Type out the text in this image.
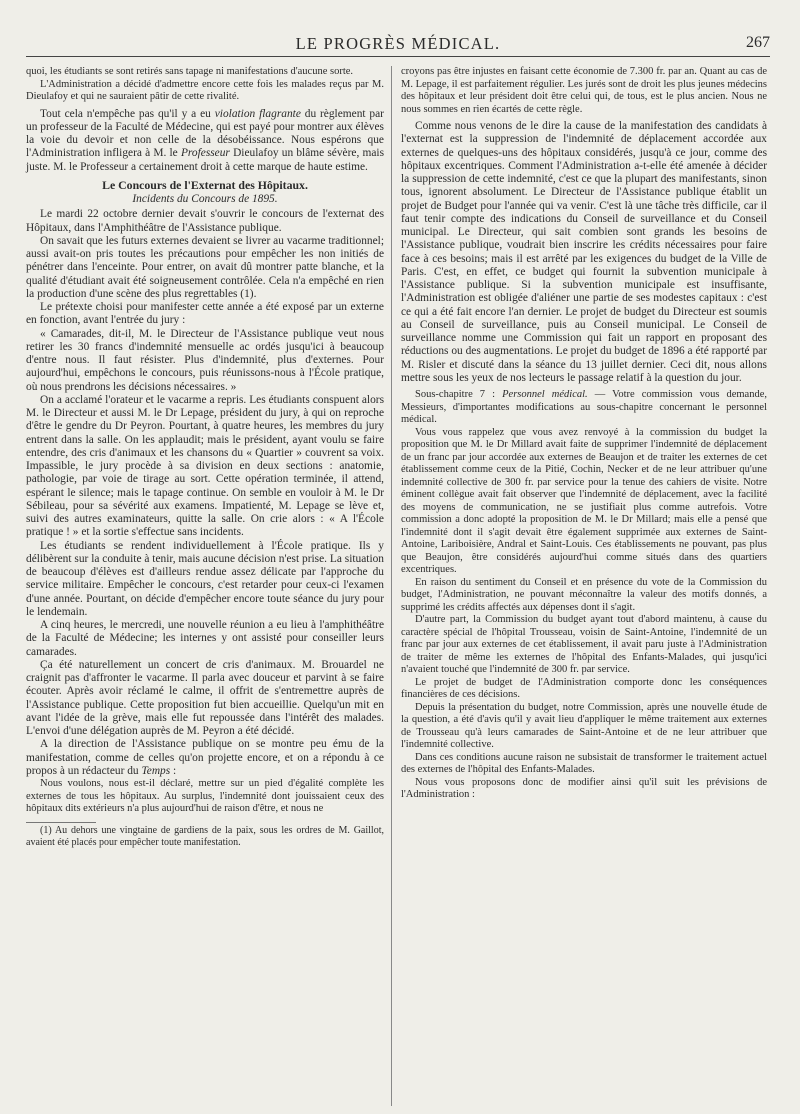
LE PROGRÈS MÉDICAL.	267

quoi, les étudiants se sont retirés sans tapage ni manifestations d'aucune sorte.

L'Administration a décidé d'admettre encore cette fois les malades reçus par M. Dieulafoy et qui ne sauraient pâtir de cette rivalité.

Tout cela n'empêche pas qu'il y a eu violation flagrante du règlement par un professeur de la Faculté de Médecine, qui est payé pour montrer aux élèves la voie du devoir et non celle de la désobéissance. Nous espérons que l'Administration infligera à M. le Professeur Dieulafoy un blâme sévère, mais juste. M. le Professeur a certainement droit à cette marque de haute estime.

Le Concours de l'Externat des Hôpitaux.
Incidents du Concours de 1895.

Le mardi 22 octobre dernier devait s'ouvrir le concours de l'externat des Hôpitaux, dans l'Amphithéâtre de l'Assistance publique.

On savait que les futurs externes devaient se livrer au vacarme traditionnel; aussi avait-on pris toutes les précautions pour empêcher les non initiés de pénétrer dans l'enceinte. Pour entrer, on avait dû montrer patte blanche, et la qualité d'étudiant avait été soigneusement contrôlée. Cela n'a empêché en rien la production d'une scène des plus regrettables (1).

Le prétexte choisi pour manifester cette année a été exposé par un externe en fonction, avant l'entrée du jury :

« Camarades, dit-il, M. le Directeur de l'Assistance publique veut nous retirer les 30 francs d'indemnité mensuelle ac ordés jusqu'ici à beaucoup d'entre nous. Il faut résister. Plus d'indemnité, plus d'externes. Pour aujourd'hui, empêchons le concours, puis réunissons-nous à l'École pratique, où nous prendrons les décisions nécessaires. »

On a acclamé l'orateur et le vacarme a repris. Les étudiants conspuent alors M. le Directeur et aussi M. le Dr Lepage, président du jury, à qui on reproche d'être le gendre du Dr Peyron. Pourtant, à quatre heures, les membres du jury entrent dans la salle. On les applaudit; mais le président, ayant voulu se faire entendre, des cris d'animaux et les chansons du « Quartier » couvrent sa voix. Impassible, le jury procède à sa division en deux sections : anatomie, pathologie, par voie de tirage au sort. Cette opération terminée, il attend, espérant le silence; mais le tapage continue. On semble en vouloir à M. le Dr Sébileau, pour sa sévérité aux examens. Impatienté, M. Lepage se lève et, suivi des autres examinateurs, quitte la salle. On crie alors : « A l'École pratique ! » et la sortie s'effectue sans incidents.

Les étudiants se rendent individuellement à l'École pratique. Ils y délibèrent sur la conduite à tenir, mais aucune décision n'est prise. La situation de beaucoup d'élèves est d'ailleurs rendue assez délicate par l'approche du service militaire. Empêcher le concours, c'est retarder pour ceux-ci l'examen d'une année. Pourtant, on décide d'empêcher encore toute séance du jury pour le lendemain.

A cinq heures, le mercredi, une nouvelle réunion a eu lieu à l'amphithéâtre de la Faculté de Médecine; les internes y ont assisté pour conseiller leurs camarades.

Ça été naturellement un concert de cris d'animaux. M. Brouardel ne craignit pas d'affronter le vacarme. Il parla avec douceur et parvint à se faire écouter. Après avoir réclamé le calme, il offrit de s'entremettre auprès de l'Assistance publique. Cette proposition fut bien accueillie. Quelqu'un mit en avant l'idée de la grève, mais elle fut repoussée dans l'intérêt des malades. L'envoi d'une délégation auprès de M. Peyron a été décidé.

A la direction de l'Assistance publique on se montre peu ému de la manifestation, comme de celles qu'on projette encore, et on a répondu à ce propos à un rédacteur du Temps :

Nous voulons, nous est-il déclaré, mettre sur un pied d'égalité complète les externes de tous les hôpitaux. Au surplus, l'indemnité dont jouissaient ceux des hôpitaux dits extérieurs n'a plus aujourd'hui de raison d'être, et nous ne

(1) Au dehors une vingtaine de gardiens de la paix, sous les ordres de M. Gaillot, avaient été placés pour empêcher toute manifestation.

croyons pas être injustes en faisant cette économie de 7.300 fr. par an. Quant au cas de M. Lepage, il est parfaitement régulier. Les jurés sont de droit les plus jeunes médecins des hôpitaux et leur président doit être celui qui, de tous, est le plus ancien. Nous ne nous sommes en rien écartés de cette règle.

Comme nous venons de le dire la cause de la manifestation des candidats à l'externat est la suppression de l'indemnité de déplacement accordée aux externes de quelques-uns des hôpitaux considérés, jusqu'à ce jour, comme des hôpitaux excentriques. Comment l'Administration a-t-elle été amenée à décider la suppression de cette indemnité, c'est ce que la plupart des manifestants, sinon tous, ignorent absolument. Le Directeur de l'Assistance publique établit un projet de Budget pour l'année qui va venir. C'est là une tâche très difficile, car il faut tenir compte des indications du Conseil de surveillance et du Conseil municipal. Le Directeur, qui sait combien sont grands les besoins de l'Assistance publique, voudrait bien inscrire les crédits nécessaires pour faire face à ces besoins; mais il est arrêté par les exigences du budget de la Ville de Paris. C'est, en effet, ce budget qui fournit la subvention municipale à l'Assistance publique. Si la subvention municipale est insuffisante, l'Administration est obligée d'aliéner une partie de ses modestes capitaux : c'est ce qui a été fait encore l'an dernier. Le projet de budget du Directeur est soumis au Conseil de surveillance, puis au Conseil municipal. Le Conseil de surveillance nomme une Commission qui fait un rapport en proposant des réductions ou des augmentations. Le projet du budget de 1896 a été rapporté par M. Risler et discuté dans la séance du 13 juillet dernier. Ceci dit, nous allons mettre sous les yeux de nos lecteurs le passage relatif à la question du jour.

Sous-chapitre 7 : Personnel médical. — Votre commission vous demande, Messieurs, d'importantes modifications au sous-chapitre concernant le personnel médical.

Vous vous rappelez que vous avez renvoyé à la commission du budget la proposition que M. le Dr Millard avait faite de supprimer l'indemnité de déplacement de un franc par jour accordée aux externes de Beaujon et de traiter les externes de cet établissement comme ceux de la Pitié, Cochin, Necker et de ne leur attribuer qu'une indemnité collective de 300 fr. par service pour la tenue des cahiers de visite. Notre éminent collègue avait fait observer que l'indemnité de déplacement, avec la facilité des moyens de communication, ne se justifiait plus comme autrefois. Votre commission a donc adopté la proposition de M. le Dr Millard; mais elle a pensé que l'indemnité dont il s'agit devait être également supprimée aux externes de Saint-Antoine, Lariboisière, Andral et Saint-Louis. Ces établissements ne pouvant, pas plus que Beaujon, être considérés aujourd'hui comme situés dans des quartiers excentriques.

En raison du sentiment du Conseil et en présence du vote de la Commission du budget, l'Administration, ne pouvant méconnaître la valeur des motifs donnés, a supprimé les crédits affectés aux dépenses dont il s'agit.

D'autre part, la Commission du budget ayant tout d'abord maintenu, à cause du caractère spécial de l'hôpital Trousseau, voisin de Saint-Antoine, l'indemnité de un franc par jour aux externes de cet établissement, il avait paru juste à l'Administration de traiter de même les externes de l'hôpital des Enfants-Malades, qui jusqu'ici n'avaient touché que l'indemnité de 300 fr. par service.

Le projet de budget de l'Administration comporte donc les conséquences financières de ces décisions.

Depuis la présentation du budget, notre Commission, après une nouvelle étude de la question, a été d'avis qu'il y avait lieu d'appliquer le même traitement aux externes de Trousseau qu'à leurs camarades de Saint-Antoine et de ne leur attribuer que l'indemnité collective.

Dans ces conditions aucune raison ne subsistait de transformer le traitement actuel des externes de l'hôpital des Enfants-Malades.

Nous vous proposons donc de modifier ainsi qu'il suit les prévisions de l'Administration :
